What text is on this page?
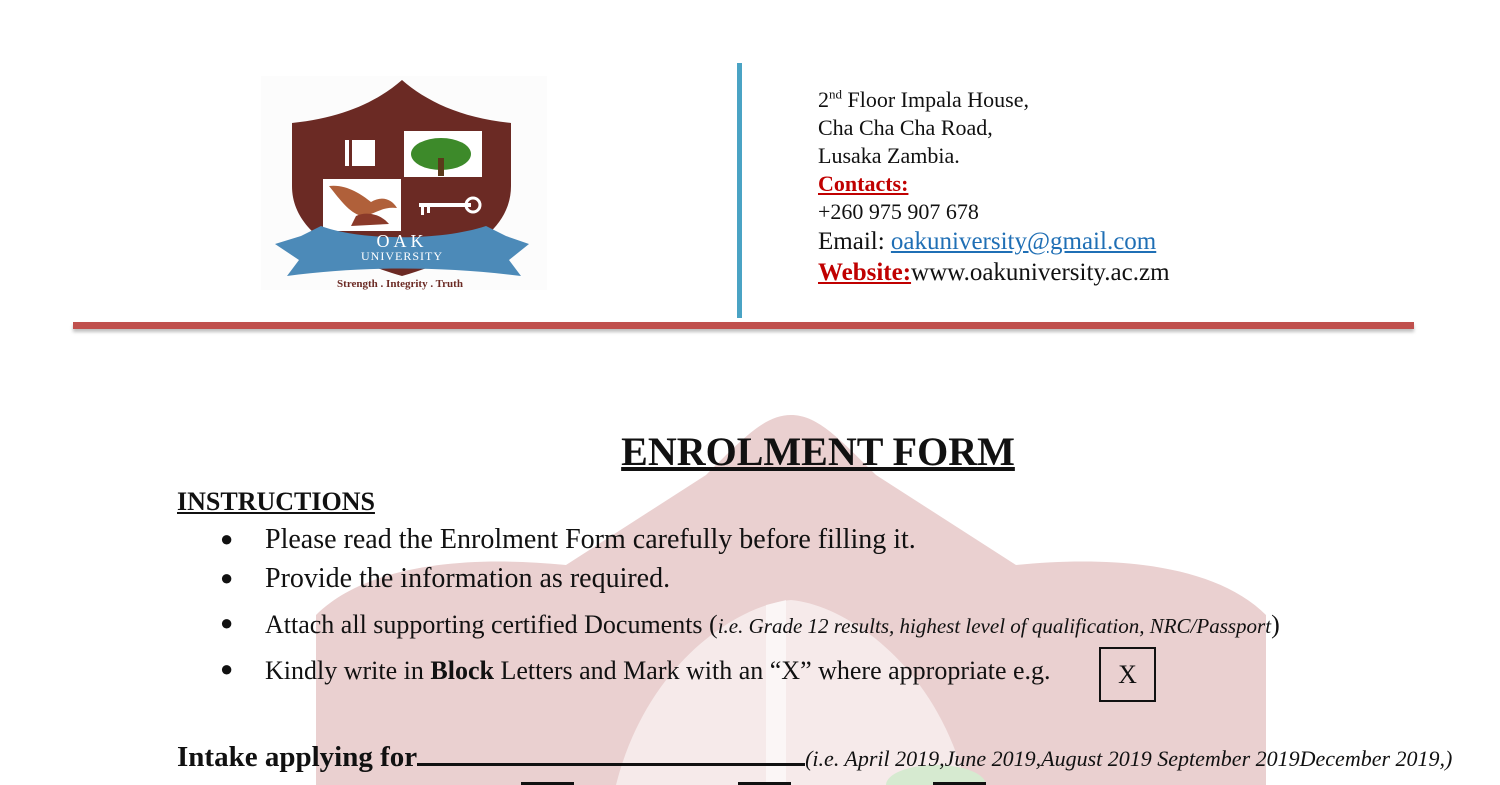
OAK
UNIVERSITY
Strength . Integrity . Truth
2nd Floor Impala House,
Cha Cha Cha Road,
Lusaka Zambia.
Contacts:
+260 975 907 678
Email: oakuniversity@gmail.com
Website:www.oakuniversity.ac.zm
ENROLMENT FORM
INSTRUCTIONS
● Please read the Enrolment Form carefully before filling it.
● Provide the information as required.
● Attach all supporting certified Documents (i.e. Grade 12 results, highest level of qualification, NRC/Passport)
● Kindly write in Block Letters and Mark with an “X” where appropriate e.g.	X
Intake applying for	(i.e. April 2019,June 2019,August 2019 September 2019December 2019,)
